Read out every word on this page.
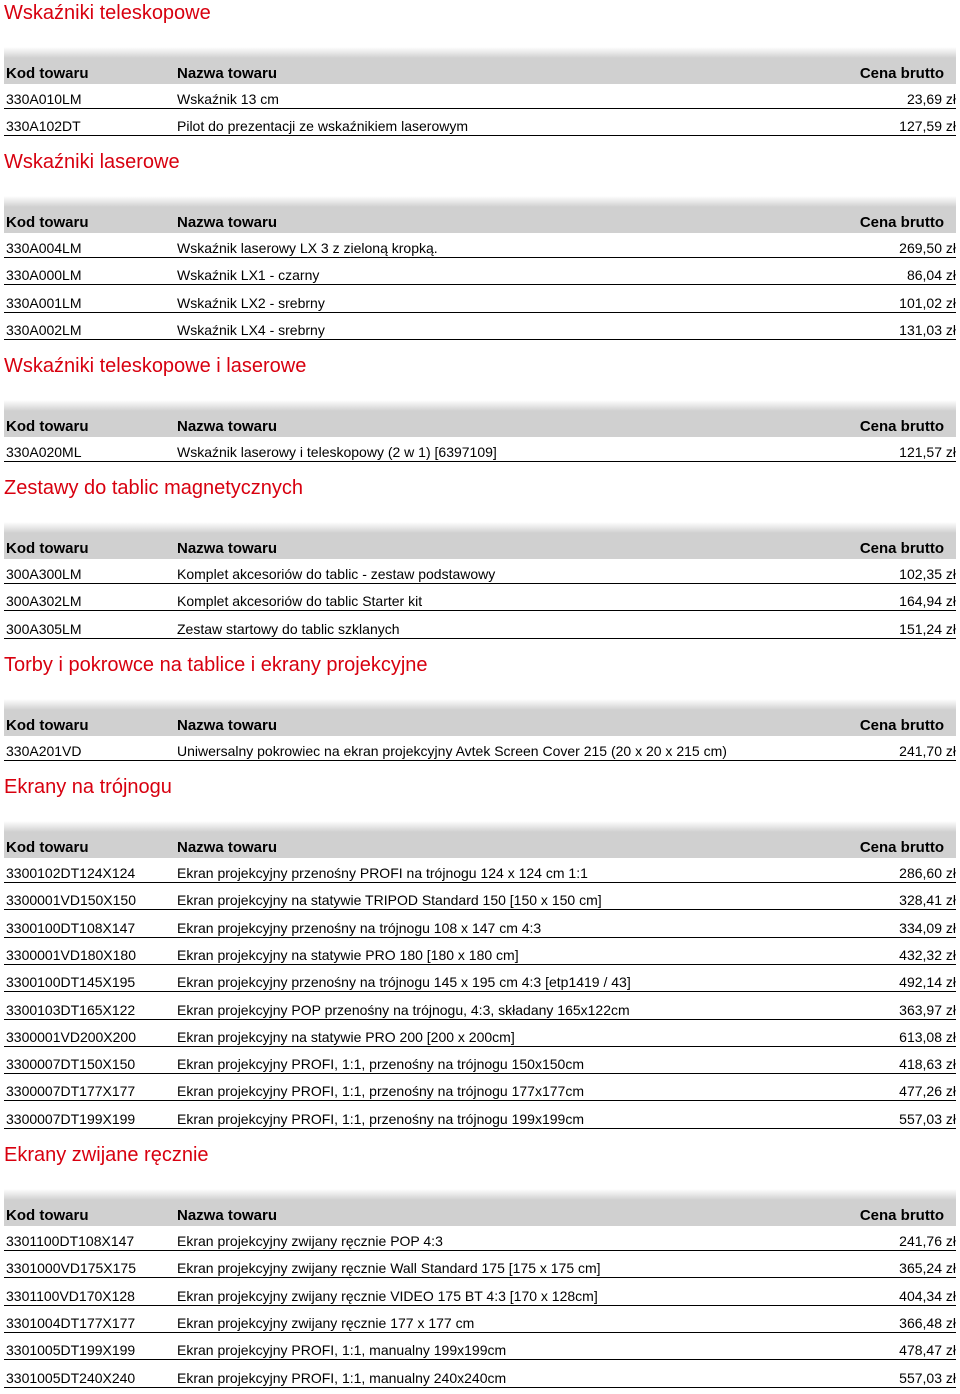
Wskaźniki teleskopowe
Kod towaru	Nazwa towaru	Cena brutto
330A010LM	Wskaźnik 13 cm	23,69 zł
330A102DT	Pilot do prezentacji ze wskaźnikiem laserowym	127,59 zł
Wskaźniki laserowe
Kod towaru	Nazwa towaru	Cena brutto
330A004LM	Wskaźnik laserowy LX 3 z zieloną kropką.	269,50 zł
330A000LM	Wskaźnik LX1 - czarny	86,04 zł
330A001LM	Wskaźnik LX2 - srebrny	101,02 zł
330A002LM	Wskaźnik LX4 - srebrny	131,03 zł
Wskaźniki teleskopowe i laserowe
Kod towaru	Nazwa towaru	Cena brutto
330A020ML	Wskaźnik laserowy i teleskopowy (2 w 1) [6397109]	121,57 zł
Zestawy do tablic magnetycznych
Kod towaru	Nazwa towaru	Cena brutto
300A300LM	Komplet akcesoriów do tablic - zestaw podstawowy	102,35 zł
300A302LM	Komplet akcesoriów do tablic Starter kit	164,94 zł
300A305LM	Zestaw startowy do tablic szklanych	151,24 zł
Torby i pokrowce na tablice i ekrany projekcyjne
Kod towaru	Nazwa towaru	Cena brutto
330A201VD	Uniwersalny pokrowiec na ekran projekcyjny Avtek Screen Cover 215 (20 x 20 x 215 cm)	241,70 zł
Ekrany na trójnogu
Kod towaru	Nazwa towaru	Cena brutto
3300102DT124X124	Ekran projekcyjny przenośny PROFI na trójnogu 124 x 124 cm 1:1	286,60 zł
3300001VD150X150	Ekran projekcyjny na statywie TRIPOD Standard 150 [150 x 150 cm]	328,41 zł
3300100DT108X147	Ekran projekcyjny przenośny na trójnogu 108 x 147 cm 4:3	334,09 zł
3300001VD180X180	Ekran projekcyjny na statywie PRO 180 [180 x 180 cm]	432,32 zł
3300100DT145X195	Ekran projekcyjny przenośny na trójnogu 145 x 195 cm 4:3 [etp1419 / 43]	492,14 zł
3300103DT165X122	Ekran projekcyjny POP przenośny na trójnogu, 4:3, składany 165x122cm	363,97 zł
3300001VD200X200	Ekran projekcyjny na statywie PRO 200 [200 x 200cm]	613,08 zł
3300007DT150X150	Ekran projekcyjny PROFI, 1:1, przenośny na trójnogu 150x150cm	418,63 zł
3300007DT177X177	Ekran projekcyjny PROFI, 1:1, przenośny na trójnogu 177x177cm	477,26 zł
3300007DT199X199	Ekran projekcyjny PROFI, 1:1, przenośny na trójnogu 199x199cm	557,03 zł
Ekrany zwijane ręcznie
Kod towaru	Nazwa towaru	Cena brutto
3301100DT108X147	Ekran projekcyjny zwijany ręcznie POP 4:3	241,76 zł
3301000VD175X175	Ekran projekcyjny zwijany ręcznie Wall Standard 175 [175 x 175 cm]	365,24 zł
3301100VD170X128	Ekran projekcyjny zwijany ręcznie VIDEO 175 BT 4:3 [170 x 128cm]	404,34 zł
3301004DT177X177	Ekran projekcyjny zwijany ręcznie 177 x 177 cm	366,48 zł
3301005DT199X199	Ekran projekcyjny PROFI, 1:1, manualny 199x199cm	478,47 zł
3301005DT240X240	Ekran projekcyjny PROFI, 1:1, manualny 240x240cm	557,03 zł
